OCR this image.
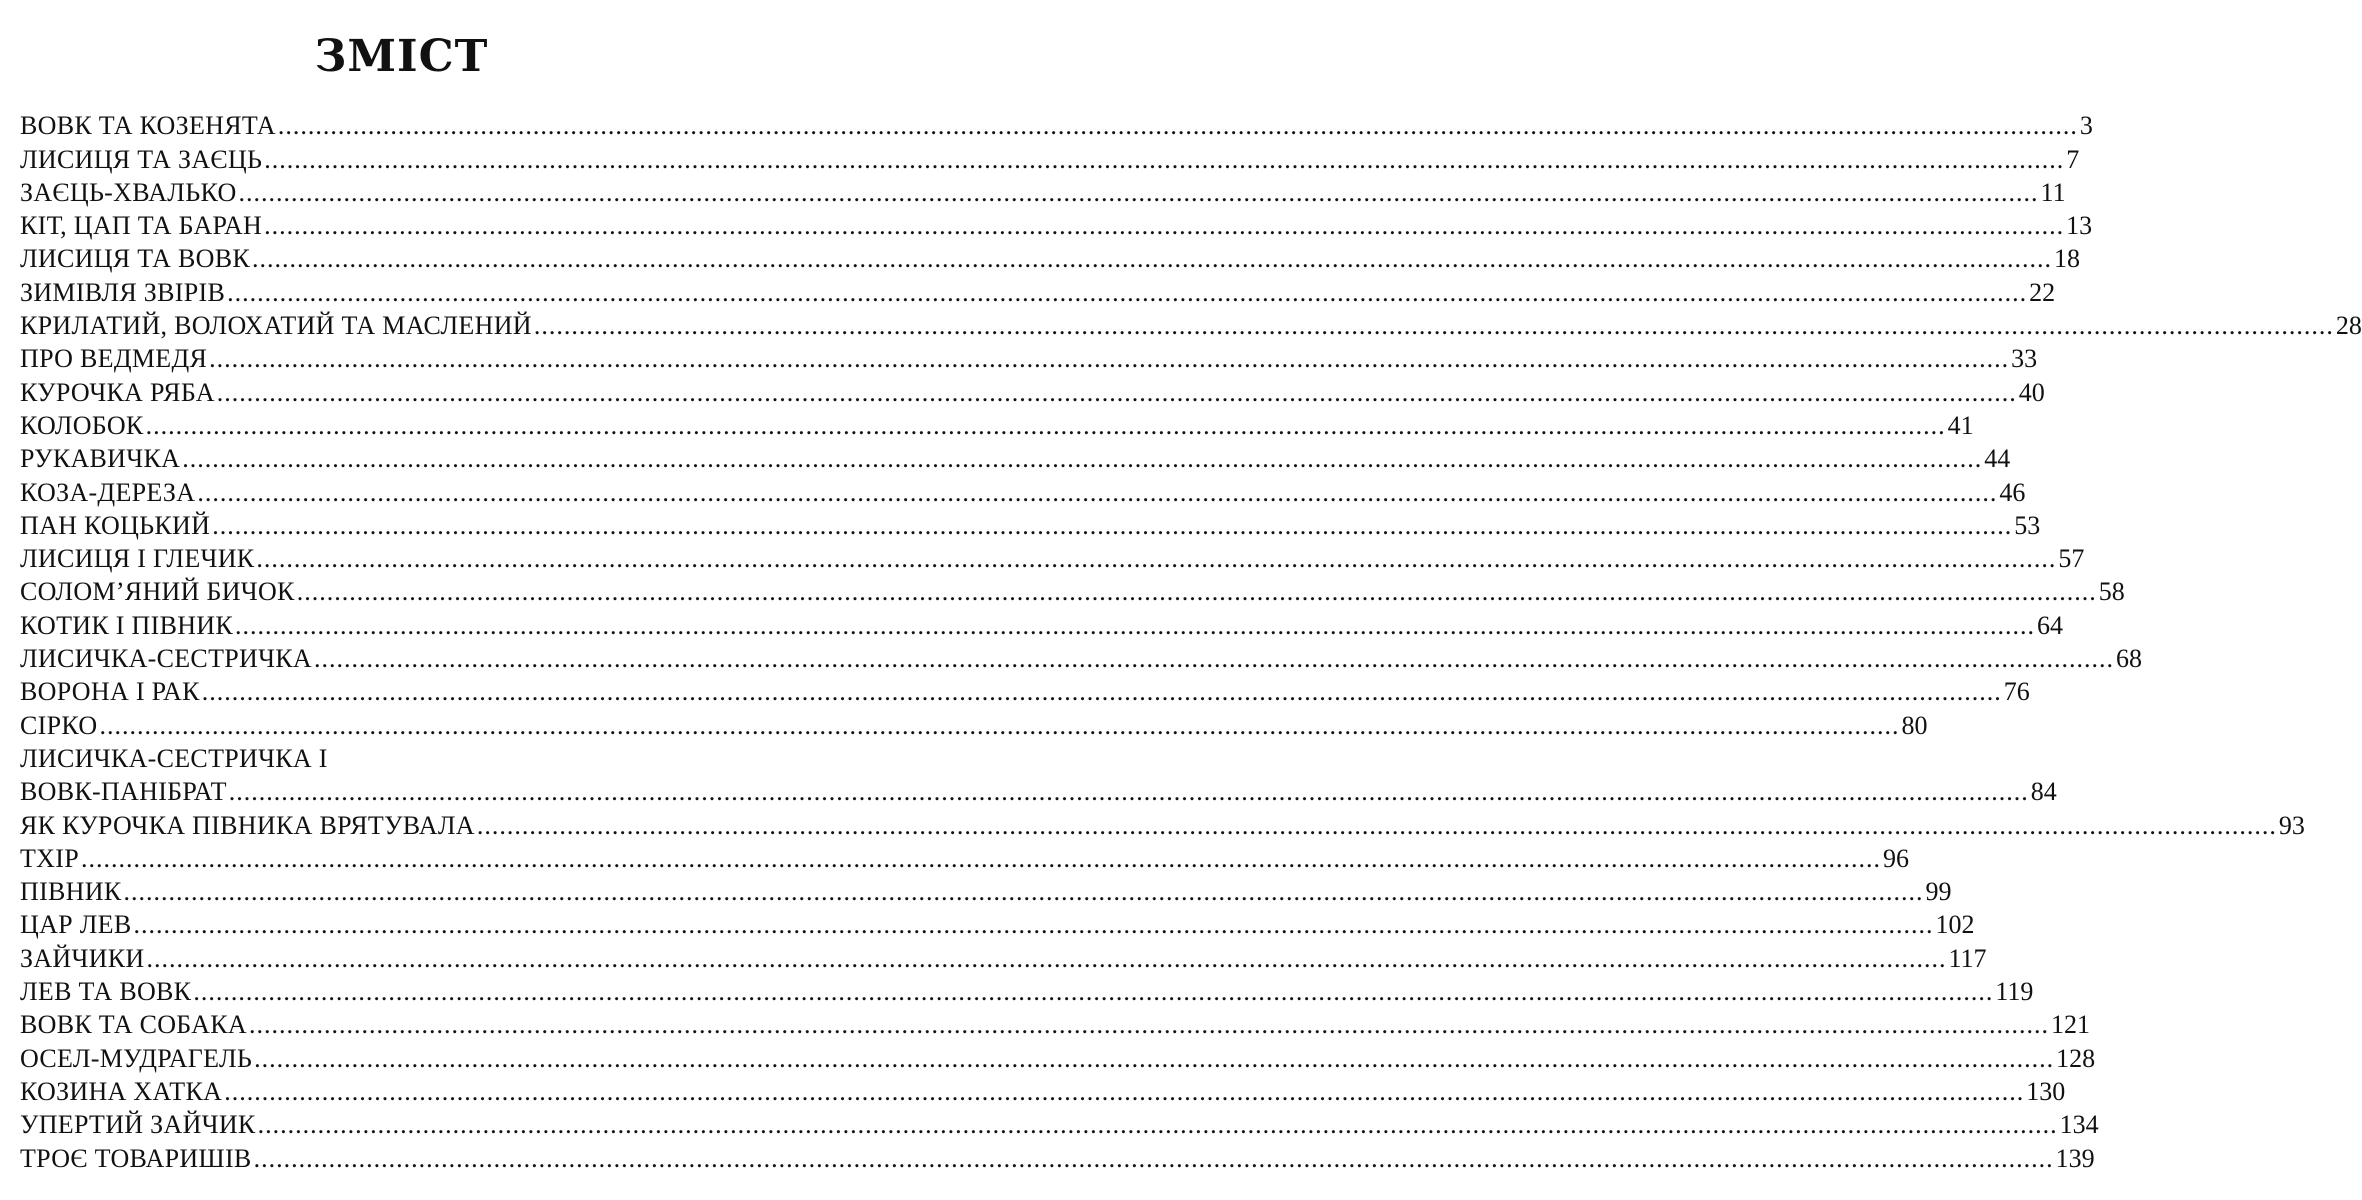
ЗМІСТ
ВОВК ТА КОЗЕНЯТА ................................................................................................................................................................................................................................................ 3
ЛИСИЦЯ ТА ЗАЄЦЬ ................................................................................................................................................................................................................................................ 7
ЗАЄЦЬ-ХВАЛЬКО ................................................................................................................................................................................................................................................ 11
КІТ, ЦАП ТА БАРАН ................................................................................................................................................................................................................................................ 13
ЛИСИЦЯ ТА ВОВК ................................................................................................................................................................................................................................................ 18
ЗИМІВЛЯ ЗВІРІВ ................................................................................................................................................................................................................................................ 22
КРИЛАТИЙ, ВОЛОХАТИЙ ТА МАСЛЕНИЙ ................................................................................................................................................................................................................................................ 28
ПРО ВЕДМЕДЯ ................................................................................................................................................................................................................................................ 33
КУРОЧКА РЯБА ................................................................................................................................................................................................................................................ 40
КОЛОБОК ................................................................................................................................................................................................................................................ 41
РУКАВИЧКА ................................................................................................................................................................................................................................................ 44
КОЗА-ДЕРЕЗА ................................................................................................................................................................................................................................................ 46
ПАН КОЦЬКИЙ ................................................................................................................................................................................................................................................ 53
ЛИСИЦЯ І ГЛЕЧИК ................................................................................................................................................................................................................................................ 57
СОЛОМ’ЯНИЙ БИЧОК ................................................................................................................................................................................................................................................ 58
КОТИК І ПІВНИК ................................................................................................................................................................................................................................................ 64
ЛИСИЧКА-СЕСТРИЧКА ................................................................................................................................................................................................................................................ 68
ВОРОНА І РАК ................................................................................................................................................................................................................................................ 76
СІРКО ................................................................................................................................................................................................................................................ 80
ЛИСИЧКА-СЕСТРИЧКА І
ВОВК-ПАНІБРАТ ................................................................................................................................................................................................................................................ 84
ЯК КУРОЧКА ПІВНИКА ВРЯТУВАЛА ................................................................................................................................................................................................................................................ 93
ТХІР ................................................................................................................................................................................................................................................ 96
ПІВНИК ................................................................................................................................................................................................................................................ 99
ЦАР ЛЕВ ................................................................................................................................................................................................................................................ 102
ЗАЙЧИКИ ................................................................................................................................................................................................................................................ 117
ЛЕВ ТА ВОВК ................................................................................................................................................................................................................................................ 119
ВОВК ТА СОБАКА ................................................................................................................................................................................................................................................ 121
ОСЕЛ-МУДРАГЕЛЬ ................................................................................................................................................................................................................................................ 128
КОЗИНА ХАТКА ................................................................................................................................................................................................................................................ 130
УПЕРТИЙ ЗАЙЧИК ................................................................................................................................................................................................................................................ 134
ТРОЄ ТОВАРИШІВ ................................................................................................................................................................................................................................................ 139
